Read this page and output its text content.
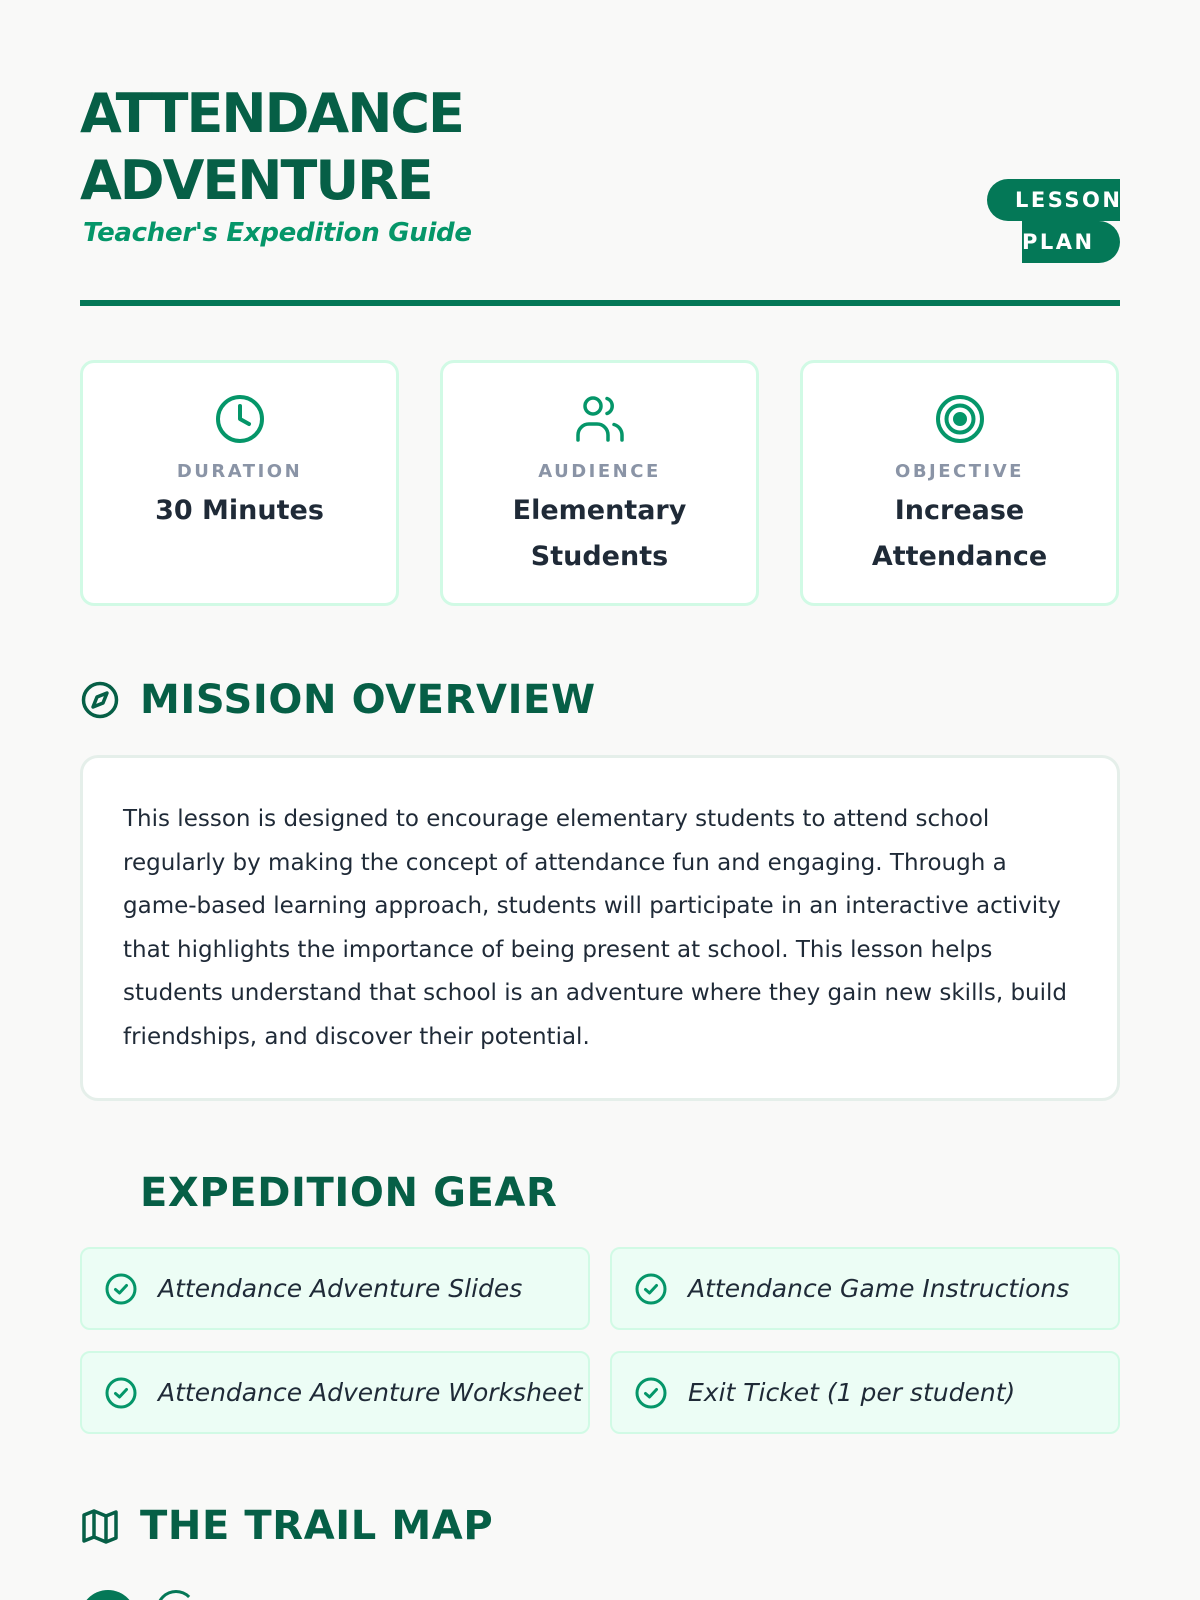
ATTENDANCE ADVENTURE
Teacher's Expedition Guide
LESSON
PLAN
DURATION
30 Minutes
AUDIENCE
Elementary Students
OBJECTIVE
Increase Attendance
MISSION OVERVIEW

This lesson is designed to encourage elementary students to attend school regularly by making the concept of attendance fun and engaging. Through a game-based learning approach, students will participate in an interactive activity that highlights the importance of being present at school. This lesson helps students understand that school is an adventure where they gain new skills, build friendships, and discover their potential.

EXPEDITION GEAR
Attendance Adventure Slides	Attendance Game Instructions
Attendance Adventure Worksheet	Exit Ticket (1 per student)
THE TRAIL MAP
